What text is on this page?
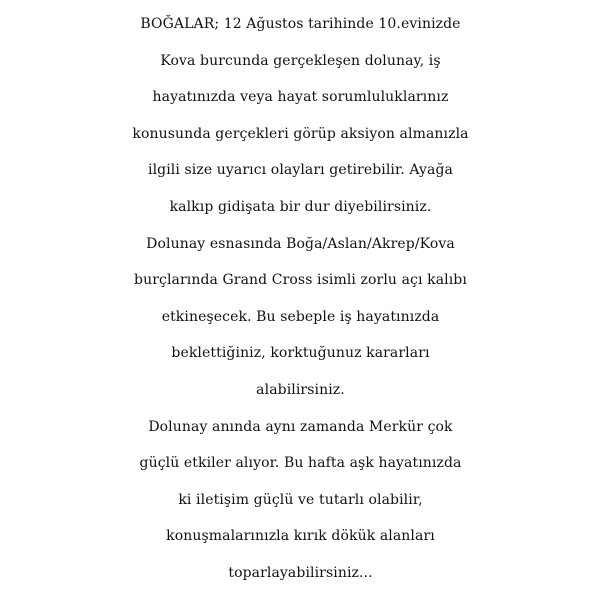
BOĞALAR; 12 Ağustos tarihinde 10.evinizde
Kova burcunda gerçekleşen dolunay, iş
hayatınızda veya hayat sorumluluklarınız
konusunda gerçekleri görüp aksiyon almanızla
ilgili size uyarıcı olayları getirebilir. Ayağa
kalkıp gidişata bir dur diyebilirsiniz.
Dolunay esnasında Boğa/Aslan/Akrep/Kova
burçlarında Grand Cross isimli zorlu açı kalıbı
etkineşecek. Bu sebeple iş hayatınızda
beklettiğiniz, korktuğunuz kararları
alabilirsiniz.
Dolunay anında aynı zamanda Merkür çok
güçlü etkiler alıyor. Bu hafta aşk hayatınızda
ki iletişim güçlü ve tutarlı olabilir,
konuşmalarınızla kırık dökük alanları
toparlayabilirsiniz...
